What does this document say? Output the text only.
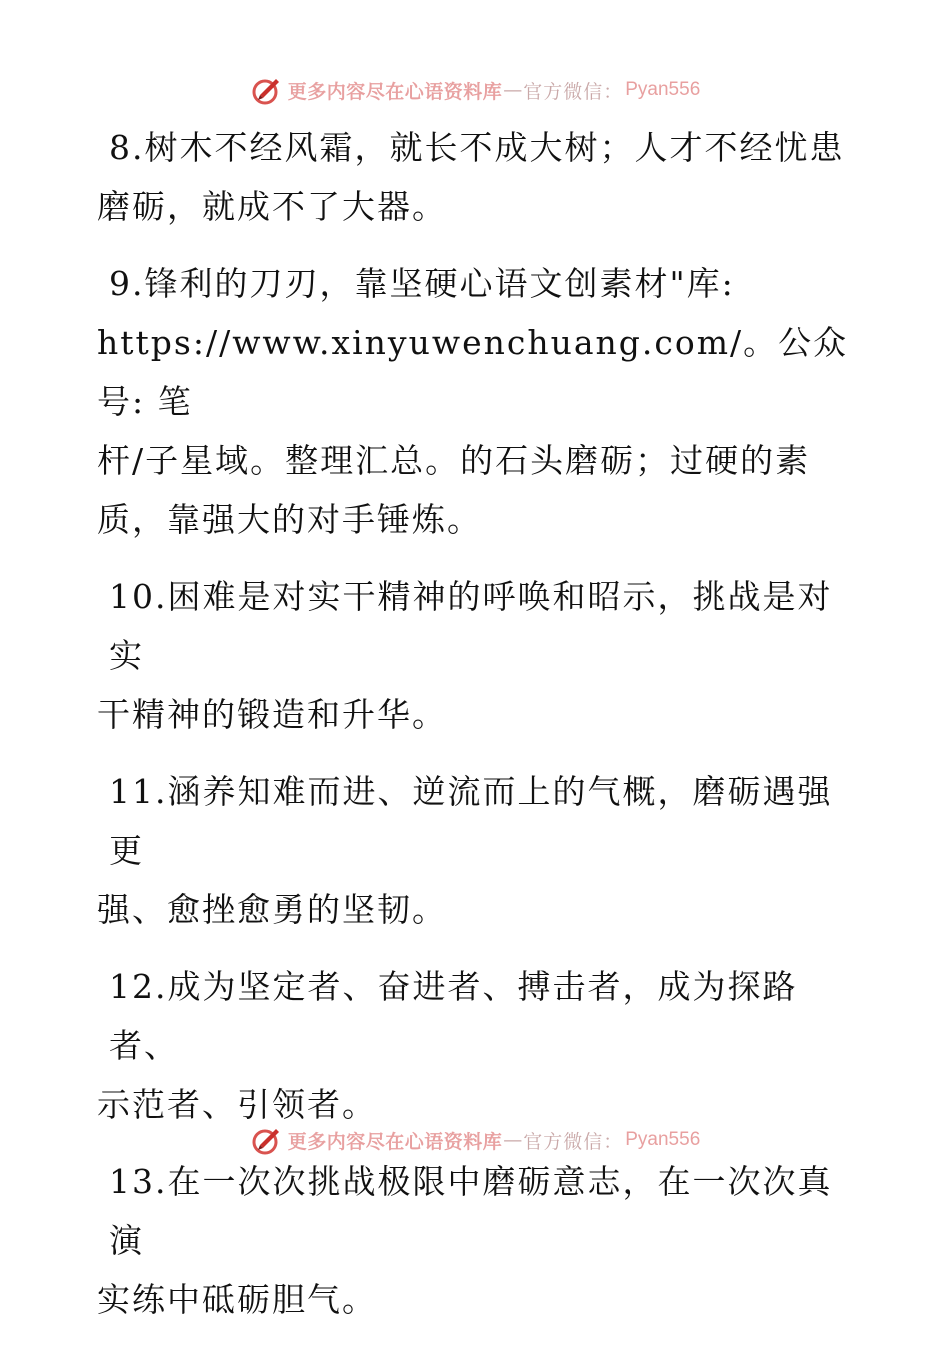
更多内容尽在心语资料库 — 官方微信： Pyan556
8.树木不经风霜，就长不成大树；人才不经忧患
磨砺，就成不了大器。
9.锋利的刀刃，靠坚硬心语文创素材"库:
https://www.xinyuwenchuang.com/。公众号: 笔
杆/子星域。整理汇总。的石头磨砺；过硬的素
质，靠强大的对手锤炼。
10.困难是对实干精神的呼唤和昭示，挑战是对实
干精神的锻造和升华。
11.涵养知难而进、逆流而上的气概，磨砺遇强更
强、愈挫愈勇的坚韧。
12.成为坚定者、奋进者、搏击者，成为探路者、
示范者、引领者。
13.在一次次挑战极限中磨砺意志，在一次次真演
实练中砥砺胆气。
更多内容尽在心语资料库 — 官方微信： Pyan556
